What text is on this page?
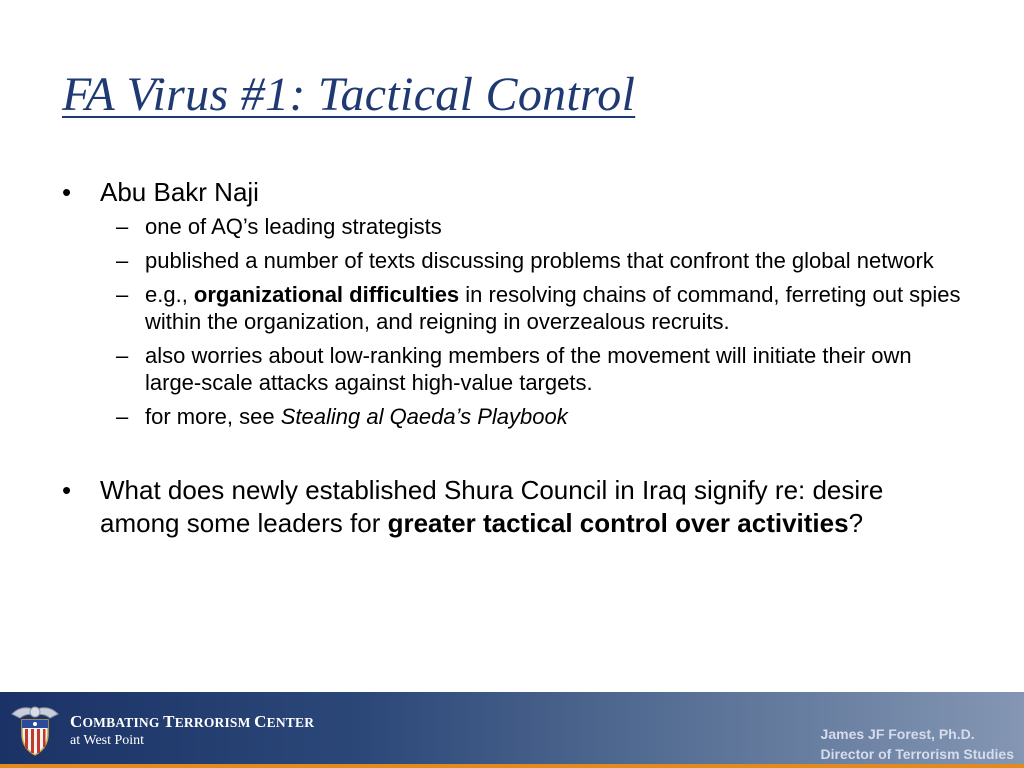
FA Virus #1: Tactical Control
• Abu Bakr Naji
– one of AQ’s leading strategists
– published a number of texts discussing problems that confront the global network
– e.g., organizational difficulties in resolving chains of command, ferreting out spies within the organization, and reigning in overzealous recruits.
– also worries about low-ranking members of the movement will initiate their own large-scale attacks against high-value targets.
– for more, see Stealing al Qaeda’s Playbook
• What does newly established Shura Council in Iraq signify re: desire among some leaders for greater tactical control over activities?
COMBATING TERRORISM CENTER
at West Point	James JF Forest, Ph.D.
Director of Terrorism Studies
